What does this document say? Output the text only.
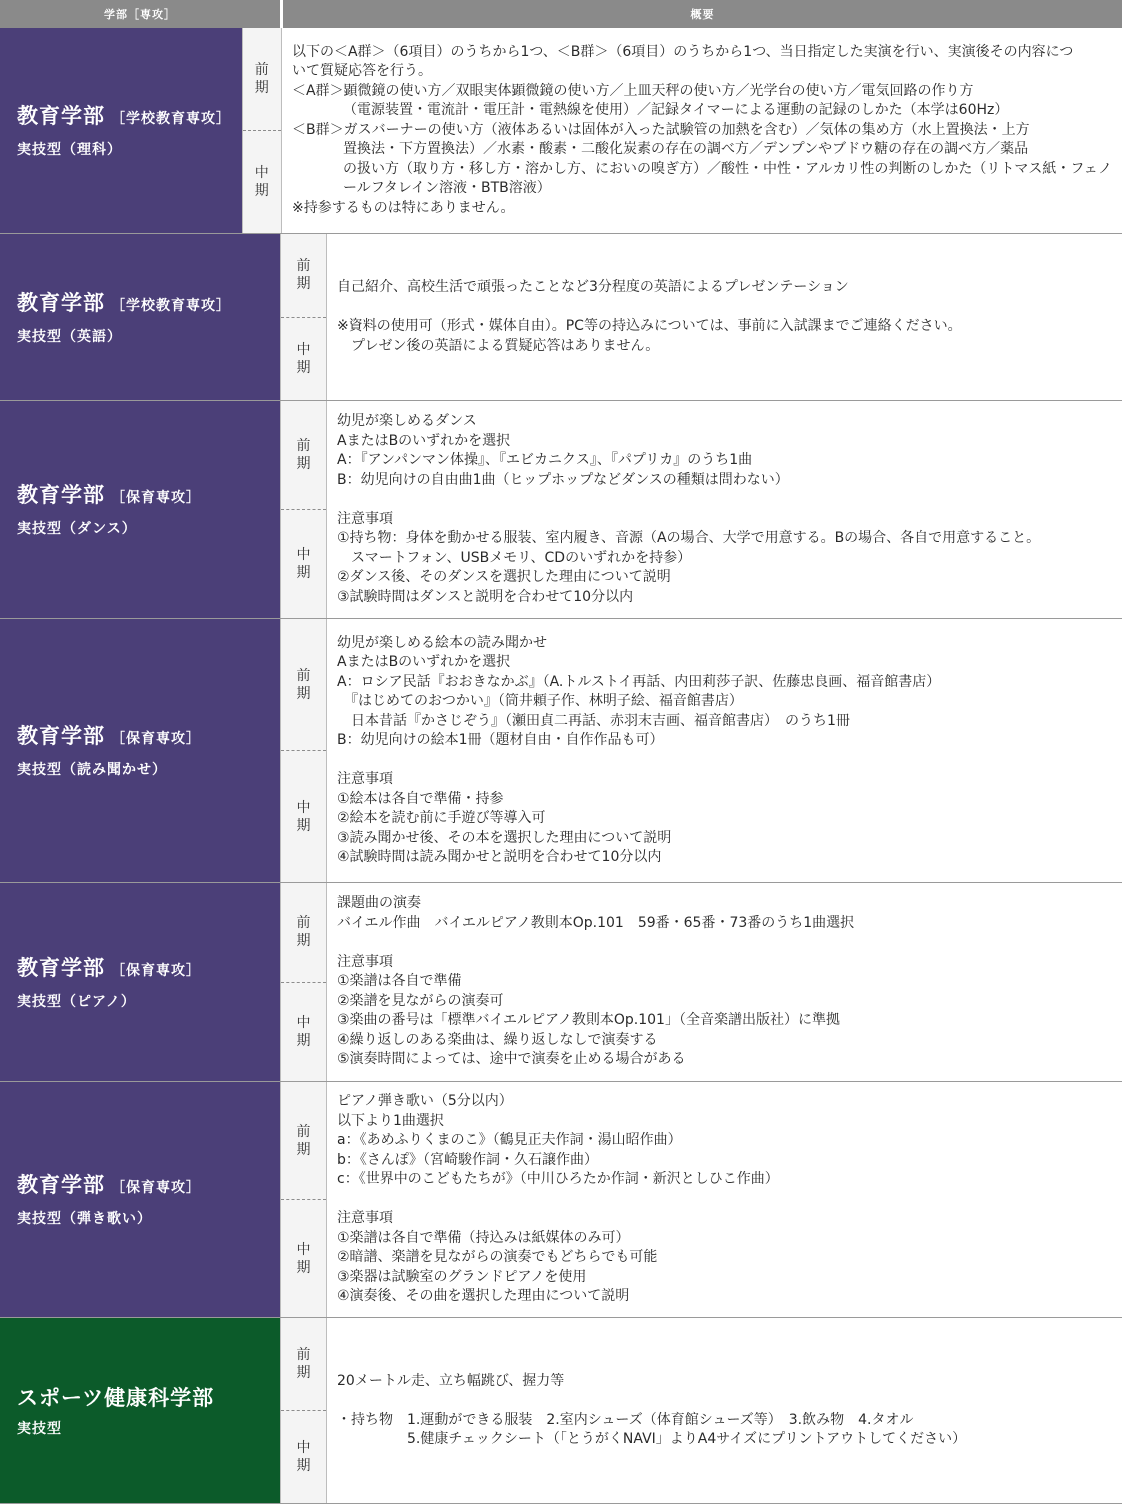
学部［専攻］	概要
教育学部 ［学校教育専攻］
実技型（理科）
前期
中期
以下の＜A群＞（6項目）のうちから1つ、＜B群＞（6項目）のうちから1つ、当日指定した実演を行い、実演後その内容につ
いて質疑応答を行う。
＜A群＞顕微鏡の使い方／双眼実体顕微鏡の使い方／上皿天秤の使い方／光学台の使い方／電気回路の作り方
（電源装置・電流計・電圧計・電熱線を使用）／記録タイマーによる運動の記録のしかた（本学は60Hz）
＜B群＞ガスバーナーの使い方（液体あるいは固体が入った試験管の加熱を含む）／気体の集め方（水上置換法・上方
置換法・下方置換法）／水素・酸素・二酸化炭素の存在の調べ方／デンプンやブドウ糖の存在の調べ方／薬品
の扱い方（取り方・移し方・溶かし方、においの嗅ぎ方）／酸性・中性・アルカリ性の判断のしかた（リトマス紙・フェノ
ールフタレイン溶液・BTB溶液）
※持参するものは特にありません。
教育学部 ［学校教育専攻］
実技型（英語）
前期
中期
自己紹介、高校生活で頑張ったことなど3分程度の英語によるプレゼンテーション

※資料の使用可（形式・媒体自由）。PC等の持込みについては、事前に入試課までご連絡ください。
　プレゼン後の英語による質疑応答はありません。
教育学部 ［保育専攻］
実技型（ダンス）
前期
中期
幼児が楽しめるダンス
AまたはBのいずれかを選択
A：『アンパンマン体操』、『エビカニクス』、『パプリカ』のうち1曲
B：幼児向けの自由曲1曲（ヒップホップなどダンスの種類は問わない）

注意事項
①持ち物：身体を動かせる服装、室内履き、音源（Aの場合、大学で用意する。Bの場合、各自で用意すること。
　スマートフォン、USBメモリ、CDのいずれかを持参）
②ダンス後、そのダンスを選択した理由について説明
③試験時間はダンスと説明を合わせて10分以内
教育学部 ［保育専攻］
実技型（読み聞かせ）
前期
中期
幼児が楽しめる絵本の読み聞かせ
AまたはBのいずれかを選択
A：ロシア民話『おおきなかぶ』（A.トルストイ再話、内田莉莎子訳、佐藤忠良画、福音館書店）
　『はじめてのおつかい』（筒井頼子作、林明子絵、福音館書店）
　日本昔話『かさじぞう』（瀬田貞二再話、赤羽末吉画、福音館書店）　のうち1冊
B：幼児向けの絵本1冊（題材自由・自作作品も可）

注意事項
①絵本は各自で準備・持参
②絵本を読む前に手遊び等導入可
③読み聞かせ後、その本を選択した理由について説明
④試験時間は読み聞かせと説明を合わせて10分以内
教育学部 ［保育専攻］
実技型（ピアノ）
前期
中期
課題曲の演奏
バイエル作曲　バイエルピアノ教則本Op.101　59番・65番・73番のうち1曲選択

注意事項
①楽譜は各自で準備
②楽譜を見ながらの演奏可
③楽曲の番号は「標準バイエルピアノ教則本Op.101」（全音楽譜出版社）に準拠
④繰り返しのある楽曲は、繰り返しなしで演奏する
⑤演奏時間によっては、途中で演奏を止める場合がある
教育学部 ［保育専攻］
実技型（弾き歌い）
前期
中期
ピアノ弾き歌い（5分以内）
以下より1曲選択
a：《あめふりくまのこ》（鶴見正夫作詞・湯山昭作曲）
b：《さんぽ》（宮崎駿作詞・久石譲作曲）
c：《世界中のこどもたちが》（中川ひろたか作詞・新沢としひこ作曲）

注意事項
①楽譜は各自で準備（持込みは紙媒体のみ可）
②暗譜、楽譜を見ながらの演奏でもどちらでも可能
③楽器は試験室のグランドピアノを使用
④演奏後、その曲を選択した理由について説明
スポーツ健康科学部
実技型
前期
中期
20メートル走、立ち幅跳び、握力等

・持ち物　1.運動ができる服装　2.室内シューズ（体育館シューズ等）　3.飲み物　4.タオル
　　　　　5.健康チェックシート（「とうがくNAVI」よりA4サイズにプリントアウトしてください）
